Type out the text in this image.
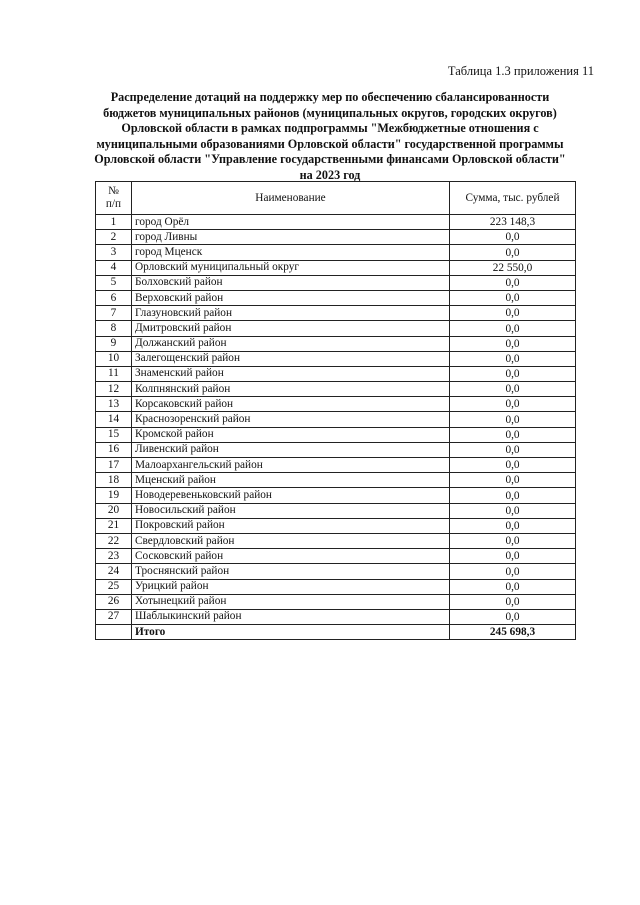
Таблица 1.3 приложения 11
Распределение дотаций на поддержку мер по обеспечению сбалансированности
бюджетов муниципальных районов (муниципальных округов, городских округов)
Орловской области в рамках подпрограммы "Межбюджетные отношения с
муниципальными образованиями Орловской области" государственной программы
Орловской области "Управление государственными финансами Орловской области"
на 2023 год
№
п/п	Наименование	Сумма, тыс. рублей
1	город Орёл	223 148,3
2	город Ливны	0,0
3	город Мценск	0,0
4	Орловский муниципальный округ	22 550,0
5	Болховский район	0,0
6	Верховский район	0,0
7	Глазуновский район	0,0
8	Дмитровский район	0,0
9	Должанский район	0,0
10	Залегощенский район	0,0
11	Знаменский район	0,0
12	Колпнянский район	0,0
13	Корсаковский район	0,0
14	Краснозоренский район	0,0
15	Кромской район	0,0
16	Ливенский район	0,0
17	Малоархангельский район	0,0
18	Мценский район	0,0
19	Новодеревеньковский район	0,0
20	Новосильский район	0,0
21	Покровский район	0,0
22	Свердловский район	0,0
23	Сосковский район	0,0
24	Троснянский район	0,0
25	Урицкий район	0,0
26	Хотынецкий район	0,0
27	Шаблыкинский район	0,0
	Итого	245 698,3
